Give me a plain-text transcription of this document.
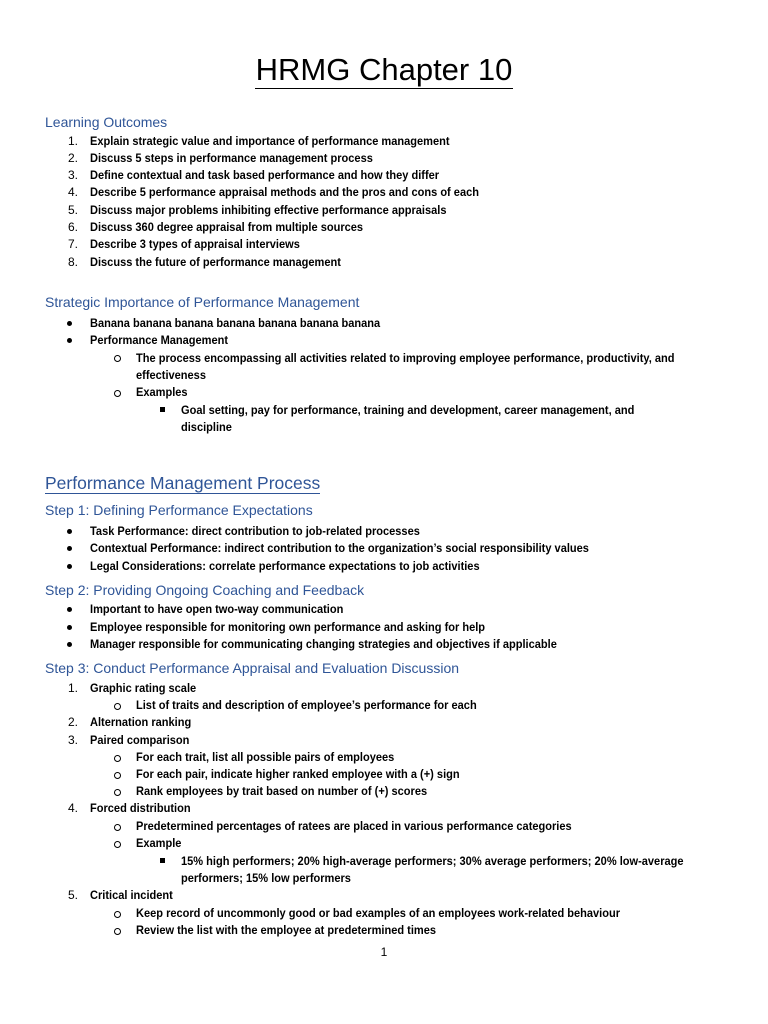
HRMG Chapter 10
Learning Outcomes
1. Explain strategic value and importance of performance management
2. Discuss 5 steps in performance management process
3. Define contextual and task based performance and how they differ
4. Describe 5 performance appraisal methods and the pros and cons of each
5. Discuss major problems inhibiting effective performance appraisals
6. Discuss 360 degree appraisal from multiple sources
7. Describe 3 types of appraisal interviews
8. Discuss the future of performance management
Strategic Importance of Performance Management
Banana banana banana banana banana banana banana
Performance Management
The process encompassing all activities related to improving employee performance, productivity, and
effectiveness
Examples
Goal setting, pay for performance, training and development, career management, and
discipline
Performance Management Process
Step 1: Defining Performance Expectations
Task Performance: direct contribution to job-related processes
Contextual Performance: indirect contribution to the organization’s social responsibility values
Legal Considerations: correlate performance expectations to job activities
Step 2: Providing Ongoing Coaching and Feedback
Important to have open two-way communication
Employee responsible for monitoring own performance and asking for help
Manager responsible for communicating changing strategies and objectives if applicable
Step 3: Conduct Performance Appraisal and Evaluation Discussion
1. Graphic rating scale
List of traits and description of employee’s performance for each
2. Alternation ranking
3. Paired comparison
For each trait, list all possible pairs of employees
For each pair, indicate higher ranked employee with a (+) sign
Rank employees by trait based on number of (+) scores
4. Forced distribution
Predetermined percentages of ratees are placed in various performance categories
Example
15% high performers; 20% high-average performers; 30% average performers; 20% low-average
performers; 15% low performers
5. Critical incident
Keep record of uncommonly good or bad examples of an employees work-related behaviour
Review the list with the employee at predetermined times
1
